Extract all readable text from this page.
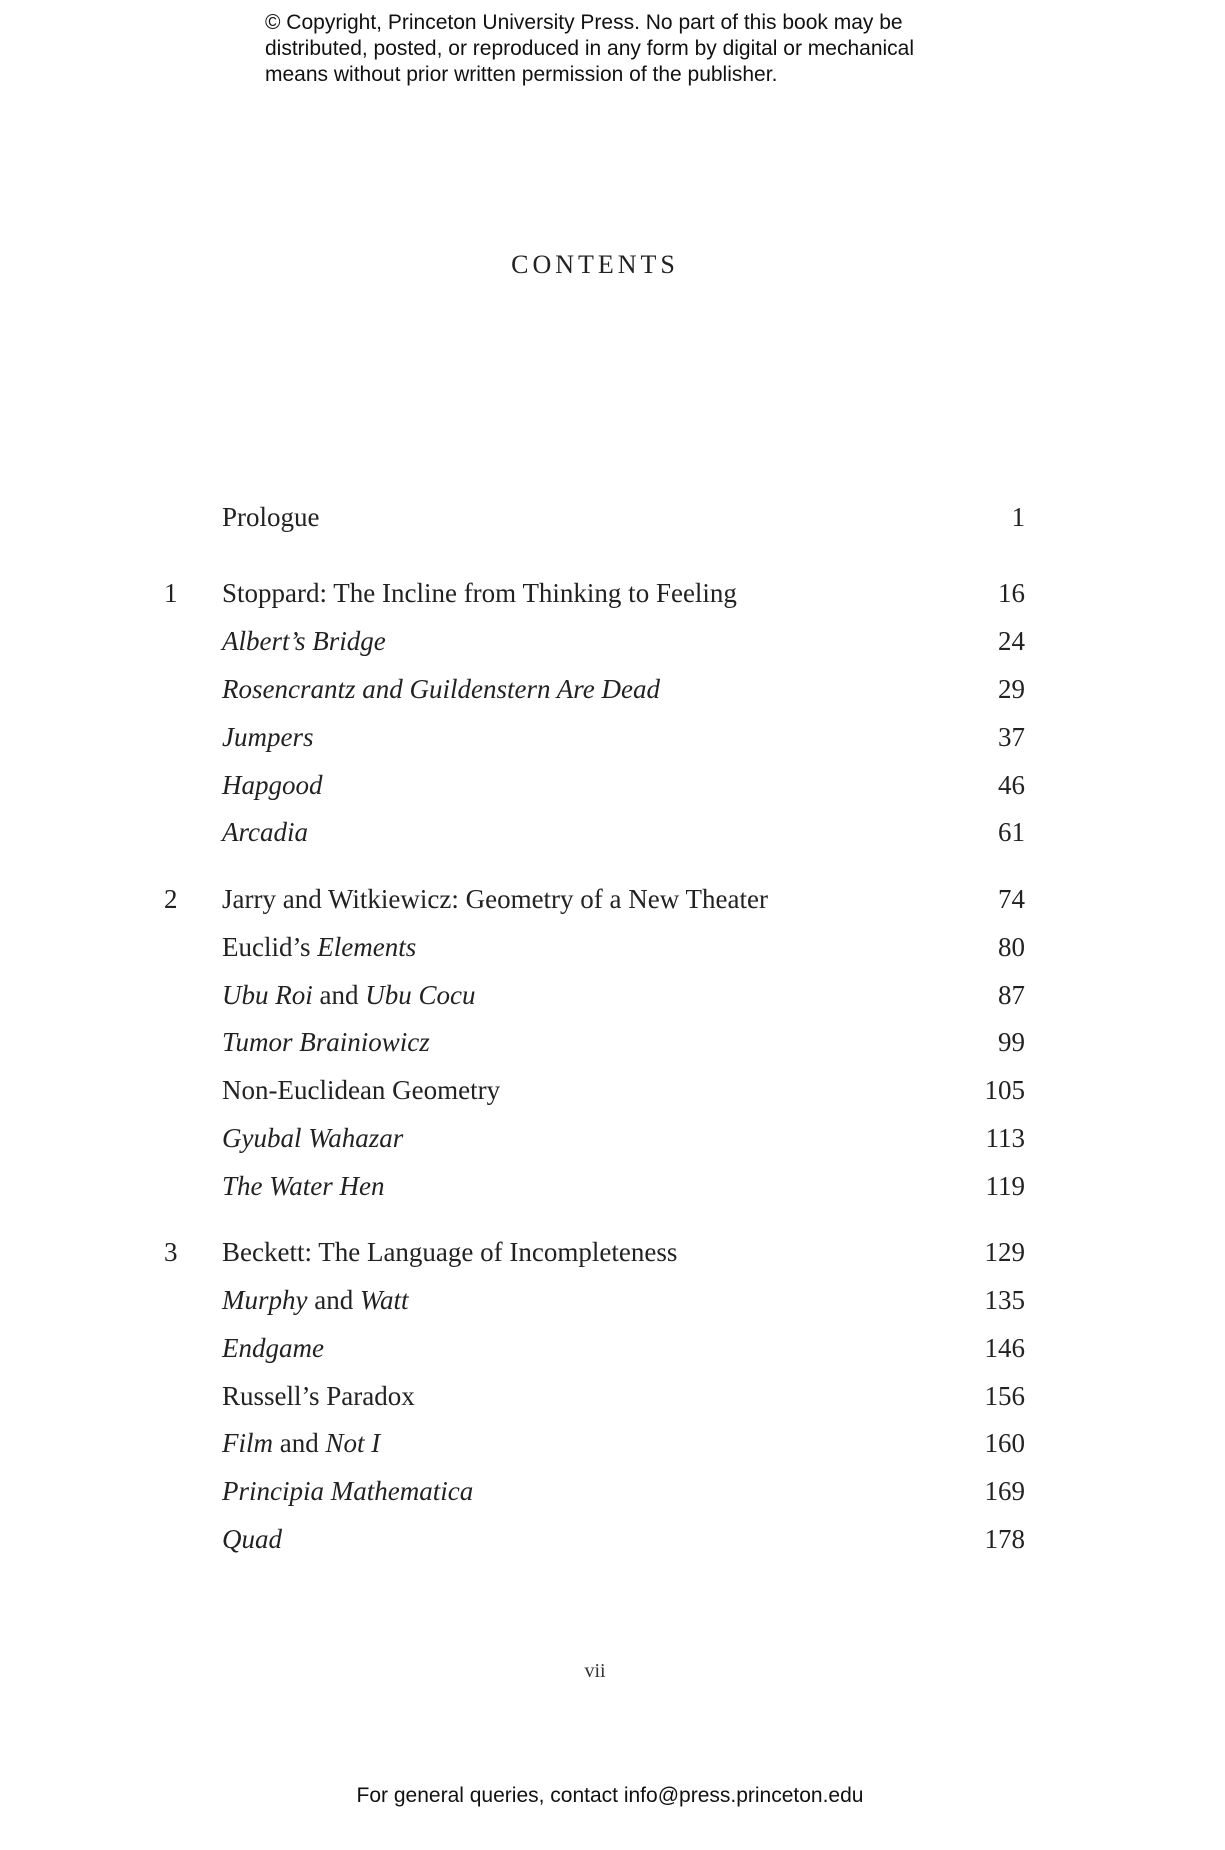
© Copyright, Princeton University Press. No part of this book may be
distributed, posted, or reproduced in any form by digital or mechanical
means without prior written permission of the publisher.
CONTENTS
Prologue	1
1	Stoppard: The Incline from Thinking to Feeling	16
Albert’s Bridge	24
Rosencrantz and Guildenstern Are Dead	29
Jumpers	37
Hapgood	46
Arcadia	61
2	Jarry and Witkiewicz: Geometry of a New Theater	74
Euclid’s Elements	80
Ubu Roi and Ubu Cocu	87
Tumor Brainiowicz	99
Non-Euclidean Geometry	105
Gyubal Wahazar	113
The Water Hen	119
3	Beckett: The Language of Incompleteness	129
Murphy and Watt	135
Endgame	146
Russell’s Paradox	156
Film and Not I	160
Principia Mathematica	169
Quad	178
vii
For general queries, contact info@press.princeton.edu
